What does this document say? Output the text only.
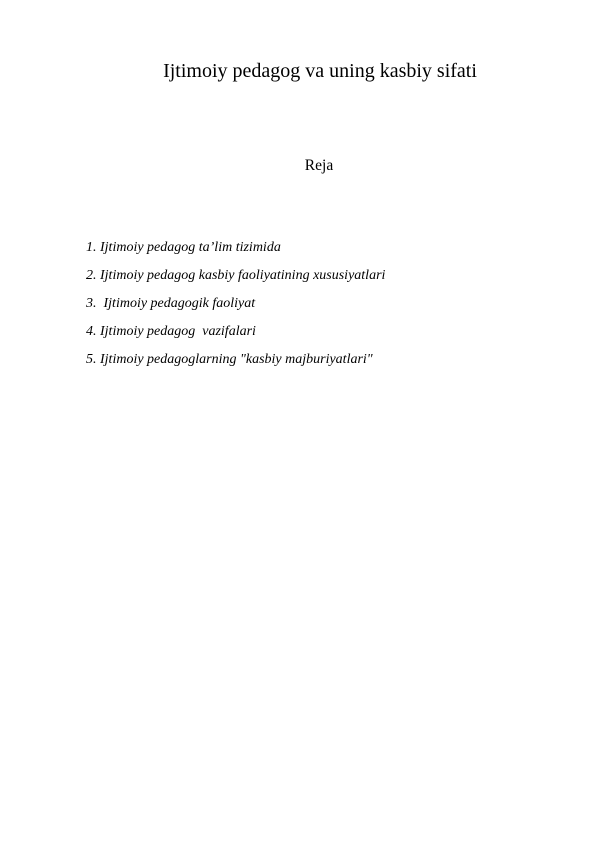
Ijtimoiy pedagog va uning kasbiy sifati
Reja
1. Ijtimoiy pedagog ta’lim tizimida
2. Ijtimoiy pedagog kasbiy faoliyatining xususiyatlari
3.  Ijtimoiy pedagogik faoliyat
4. Ijtimoiy pedagog  vazifalari
5. Ijtimoiy pedagoglarning "kasbiy majburiyatlari"
